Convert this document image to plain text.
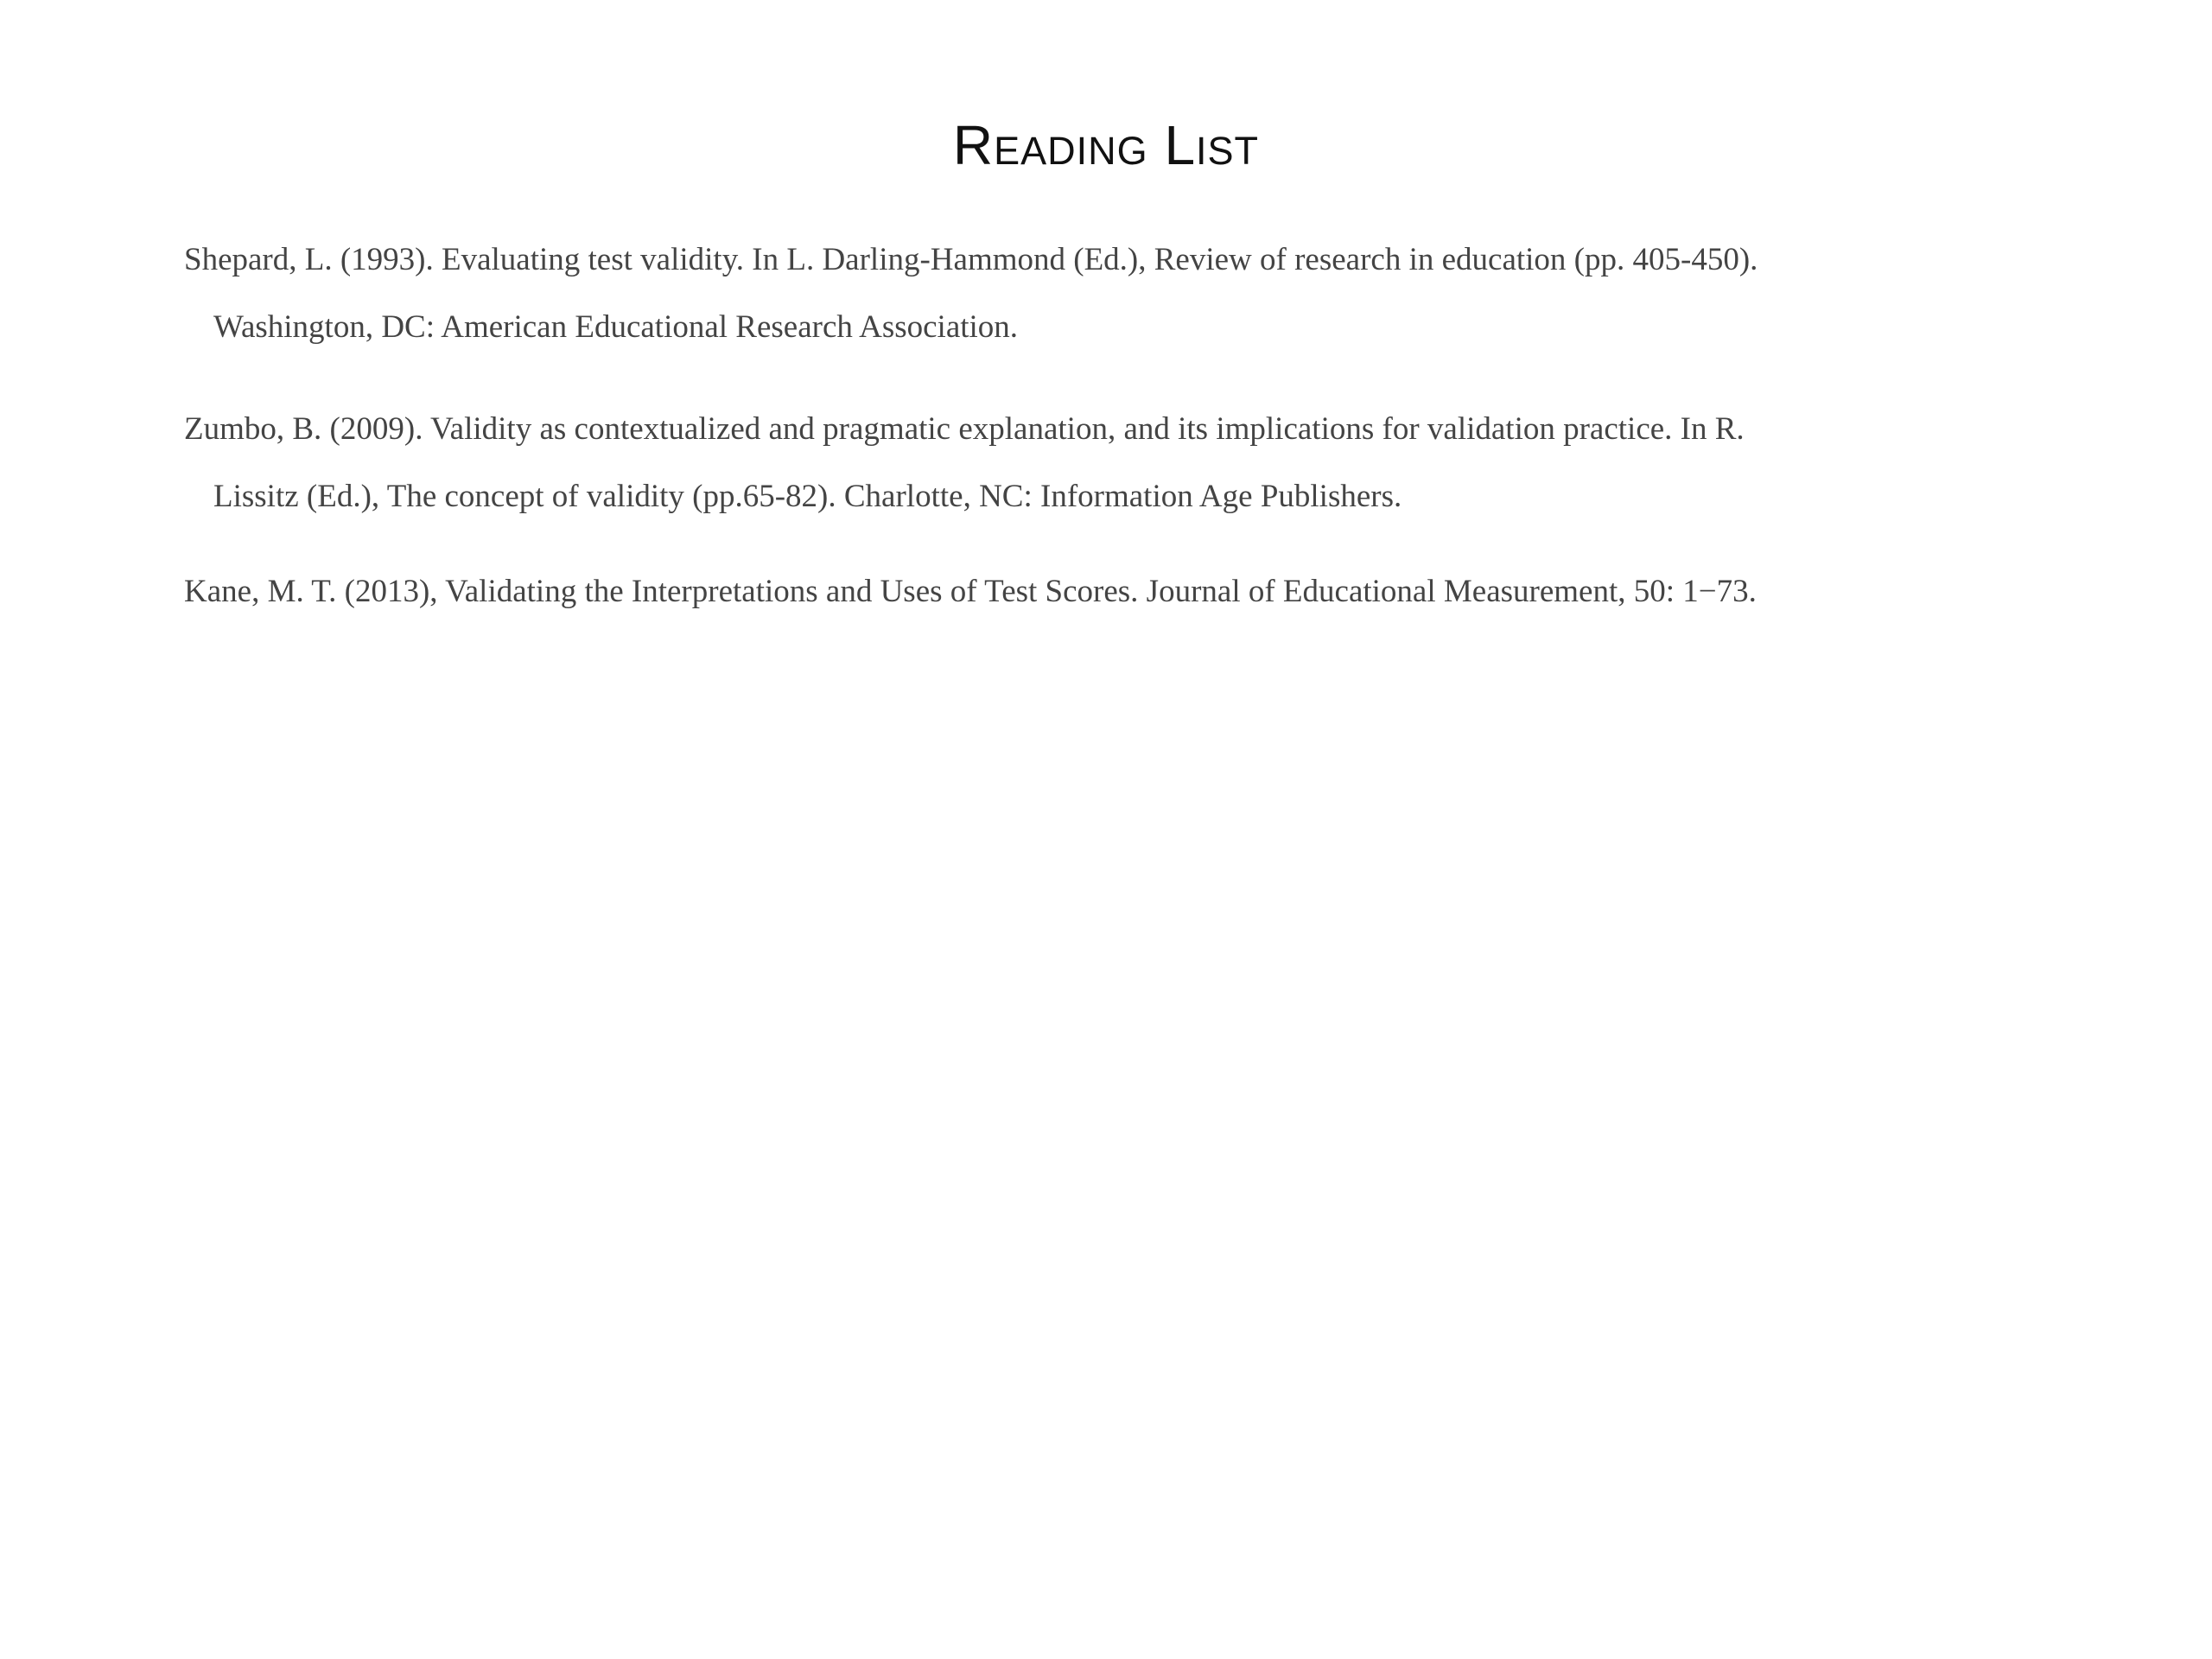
Reading List
Shepard, L. (1993). Evaluating test validity. In L. Darling-Hammond (Ed.), Review of research in education (pp. 405-450).
Washington, DC: American Educational Research Association.
Zumbo, B. (2009). Validity as contextualized and pragmatic explanation, and its implications for validation practice. In R.
Lissitz (Ed.), The concept of validity (pp.65-82). Charlotte, NC: Information Age Publishers.
Kane, M. T. (2013), Validating the Interpretations and Uses of Test Scores. Journal of Educational Measurement, 50: 1−73.
